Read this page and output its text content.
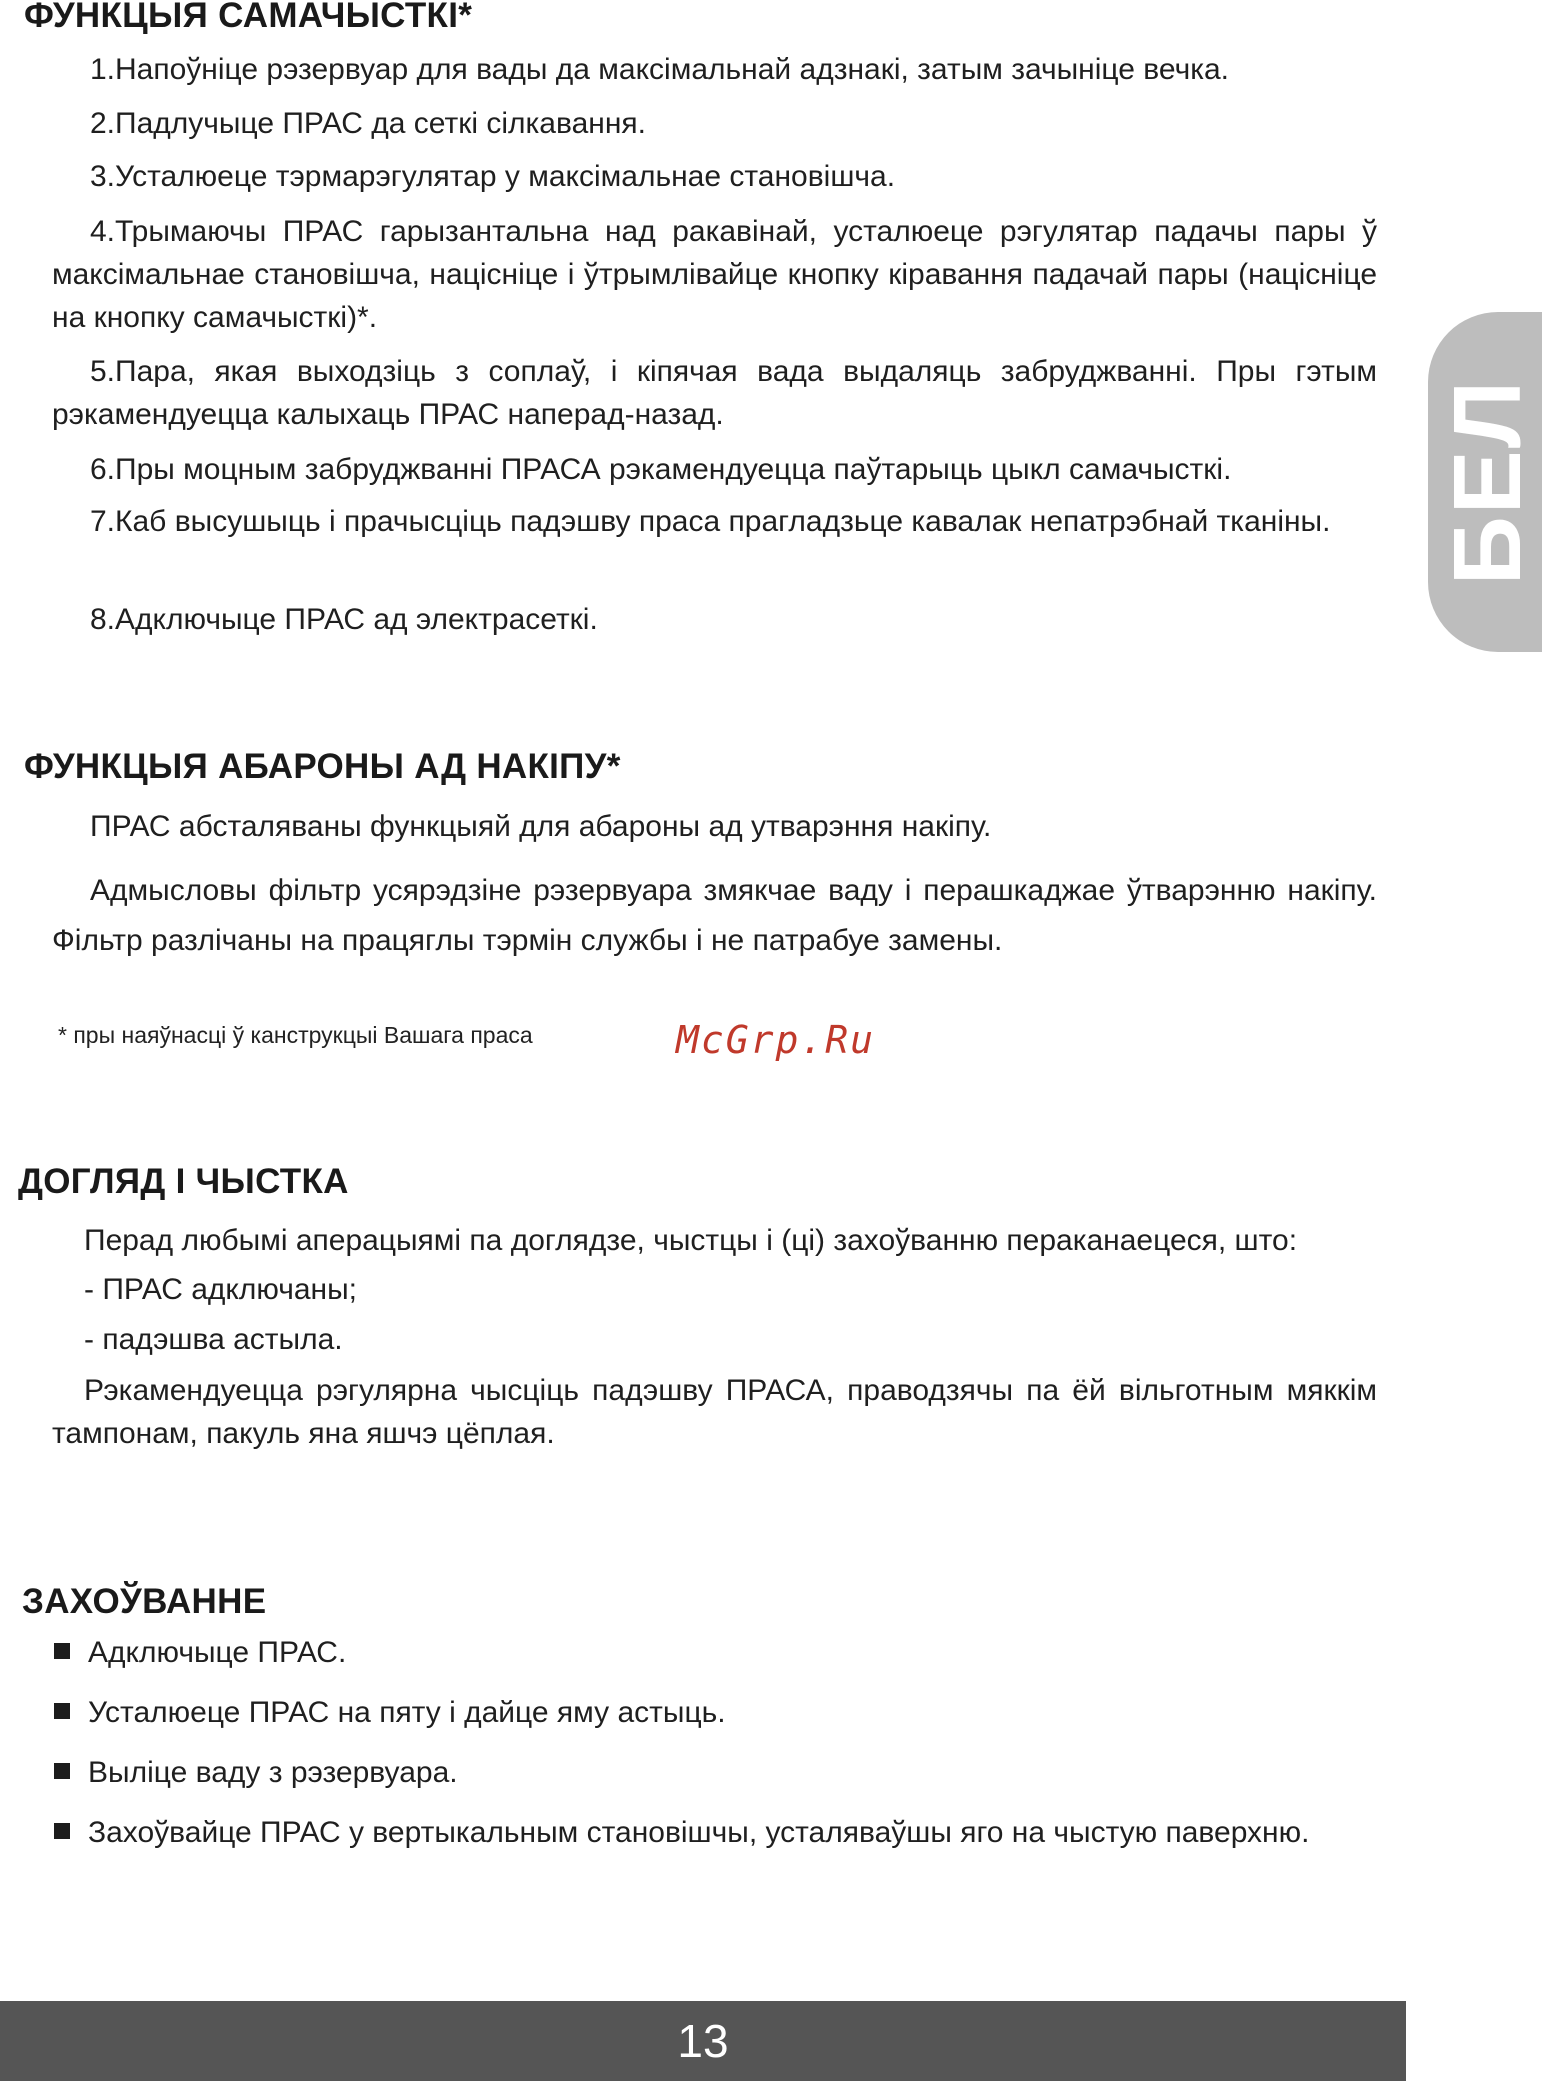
БЕЛ
ФУНКЦЫЯ САМАЧЫСТКІ*

1.Напоўніце рэзервуар для вады да максімальнай адзнакі, затым зачыніце вечка.

2.Падлучыце ПРАС да сеткі сілкавання.

3.Усталюеце тэрмарэгулятар у максімальнае становішча.

4.Трымаючы ПРАС гарызантальна над ракавінай, усталюеце рэгулятар падачы пары ў максімальнае становішча, націсніце і ўтрымлівайце кнопку кіравання падачай пары (націсніце на кнопку самачысткі)*.

5.Пара, якая выходзіць з соплаў, і кіпячая вада выдаляць забруджванні. Пры гэтым рэкамендуецца калыхаць ПРАС наперад-назад.

6.Пры моцным забруджванні ПРАСА рэкамендуецца паўтарыць цыкл самачысткі.

7.Каб высушыць і прачысціць падэшву праса прагладзьце кавалак непатрэбнай тканіны.

8.Адключыце ПРАС ад электрасеткі.

ФУНКЦЫЯ АБАРОНЫ АД НАКІПУ*

ПРАС абсталяваны функцыяй для абароны ад утварэння накіпу.

Адмысловы фільтр усярэдзіне рэзервуара змякчае ваду і перашкаджае ўтварэнню накіпу. Фільтр разлічаны на працяглы тэрмін службы і не патрабуе замены.

* пры наяўнасці ў канструкцыі Вашага праса	McGrp.Ru
ДОГЛЯД І ЧЫСТКА

Перад любымі аперацыямі па доглядзе, чыстцы і (ці) захоўванню пераканаецеся, што:

- ПРАС адключаны;

- падэшва астыла.

Рэкамендуецца рэгулярна чысціць падэшву ПРАСА, праводзячы па ёй вільготным мяккім тампонам, пакуль яна яшчэ цёплая.

ЗАХОЎВАННЕ
Адключыце ПРАС.
Усталюеце ПРАС на пяту і дайце яму астыць.
Выліце ваду з рэзервуара.
Захоўвайце ПРАС у вертыкальным становішчы, усталяваўшы яго на чыстую паверхню.
13
